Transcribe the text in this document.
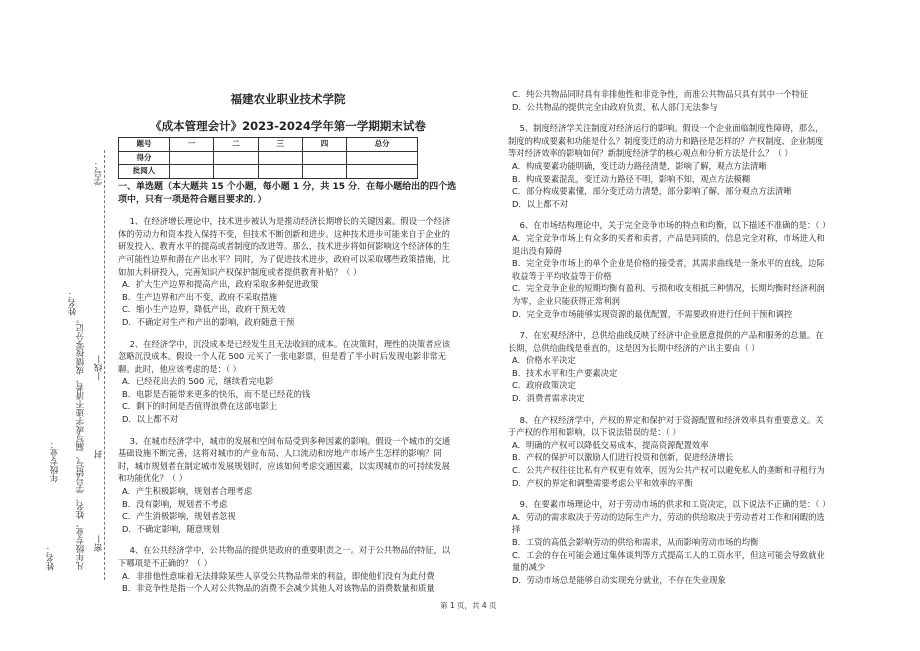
学号：
姓名：
年级专业： 凡年级专业、姓名、学号错写、漏写或字迹不清者，成绩按零分记。 —线—
封
密—
姓名：
福建农业职业技术学院
《成本管理会计》2023-2024学年第一学期期末试卷
题号	一	二	三	四	总分
得分					
批阅人					
一、单选题（本大题共 15 个小题，每小题 1 分，共 15 分．在每小题给出的四个选项中，只有一项是符合题目要求的．）
1、在经济增长理论中，技术进步被认为是推动经济长期增长的关键因素。假设一个经济体的劳动力和资本投入保持不变，但技术不断创新和进步。这种技术进步可能来自于企业的研发投入、教育水平的提高或者制度的改进等。那么，技术进步将如何影响这个经济体的生产可能性边界和潜在产出水平？同时，为了促进技术进步，政府可以采取哪些政策措施，比如加大科研投入，完善知识产权保护制度或者提供教育补贴？（ ）
A．扩大生产边界和提高产出，政府采取多种促进政策
B．生产边界和产出不变，政府不采取措施
C．缩小生产边界，降低产出，政府干预无效
D．不确定对生产和产出的影响，政府随意干预
2、在经济学中，沉没成本是已经发生且无法收回的成本。在决策时，理性的决策者应该忽略沉没成本。假设一个人花 500 元买了一张电影票，但是看了半小时后发现电影非常无聊。此时，他应该考虑的是：（ ）
A．已经花出去的 500 元，继续看完电影
B．电影是否能带来更多的快乐，而不是已经花的钱
C．剩下的时间是否值得浪费在这部电影上
D．以上都不对
3、在城市经济学中，城市的发展和空间布局受到多种因素的影响。假设一个城市的交通基础设施不断完善，这将对城市的产业布局、人口流动和房地产市场产生怎样的影响？同时，城市规划者在制定城市发展规划时，应该如何考虑交通因素，以实现城市的可持续发展和功能优化？（ ）
A．产生积极影响，规划者合理考虑
B．没有影响，规划者不考虑
C．产生消极影响，规划者忽视
D．不确定影响，随意规划
4、在公共经济学中，公共物品的提供是政府的重要职责之一。对于公共物品的特征，以下哪项是不正确的？（ ）
A．非排他性意味着无法排除某些人享受公共物品带来的利益，即使他们没有为此付费
B．非竞争性是指一个人对公共物品的消费不会减少其他人对该物品的消费数量和质量
C．纯公共物品同时具有非排他性和非竞争性，而准公共物品只具有其中一个特征
D．公共物品的提供完全由政府负责，私人部门无法参与
5、制度经济学关注制度对经济运行的影响。假设一个企业面临制度性障碍，那么，制度的构成要素和功能是什么？制度变迁的动力和路径是怎样的？产权制度、企业制度等对经济效率的影响如何？新制度经济学的核心观点和分析方法是什么？（ ）
A．构成要素功能明确，变迁动力路径清楚，影响了解，观点方法清晰
B．构成要素混乱，变迁动力路径不明，影响不知，观点方法模糊
C．部分构成要素懂，部分变迁动力清楚，部分影响了解，部分观点方法清晰
D．以上都不对
6、在市场结构理论中，关于完全竞争市场的特点和均衡，以下描述不准确的是：（ ）
A．完全竞争市场上有众多的买者和卖者，产品是同质的，信息完全对称，市场进入和退出没有障碍
B．完全竞争市场上的单个企业是价格的接受者，其需求曲线是一条水平的直线，边际收益等于平均收益等于价格
C．完全竞争企业的短期均衡有盈利、亏损和收支相抵三种情况，长期均衡时经济利润为零，企业只能获得正常利润
D．完全竞争市场能够实现资源的最优配置，不需要政府进行任何干预和调控
7、在宏观经济中，总供给曲线反映了经济中企业愿意提供的产品和服务的总量。在长期，总供给曲线是垂直的，这是因为长期中经济的产出主要由（ ）
A．价格水平决定
B．技术水平和生产要素决定
C．政府政策决定
D．消费者需求决定
8、在产权经济学中，产权的界定和保护对于资源配置和经济效率具有重要意义。关于产权的作用和影响，以下说法错误的是：（ ）
A．明确的产权可以降低交易成本，提高资源配置效率
B．产权的保护可以激励人们进行投资和创新，促进经济增长
C．公共产权往往比私有产权更有效率，因为公共产权可以避免私人的垄断和寻租行为
D．产权的界定和调整需要考虑公平和效率的平衡
9、在要素市场理论中，对于劳动市场的供求和工资决定，以下说法不正确的是：（ ）
A．劳动的需求取决于劳动的边际生产力，劳动的供给取决于劳动者对工作和闲暇的选择
B．工资的高低会影响劳动的供给和需求，从而影响劳动市场的均衡
C．工会的存在可能会通过集体谈判等方式提高工人的工资水平，但这可能会导致就业量的减少
D．劳动市场总是能够自动实现充分就业，不存在失业现象
第 1 页，共 4 页
